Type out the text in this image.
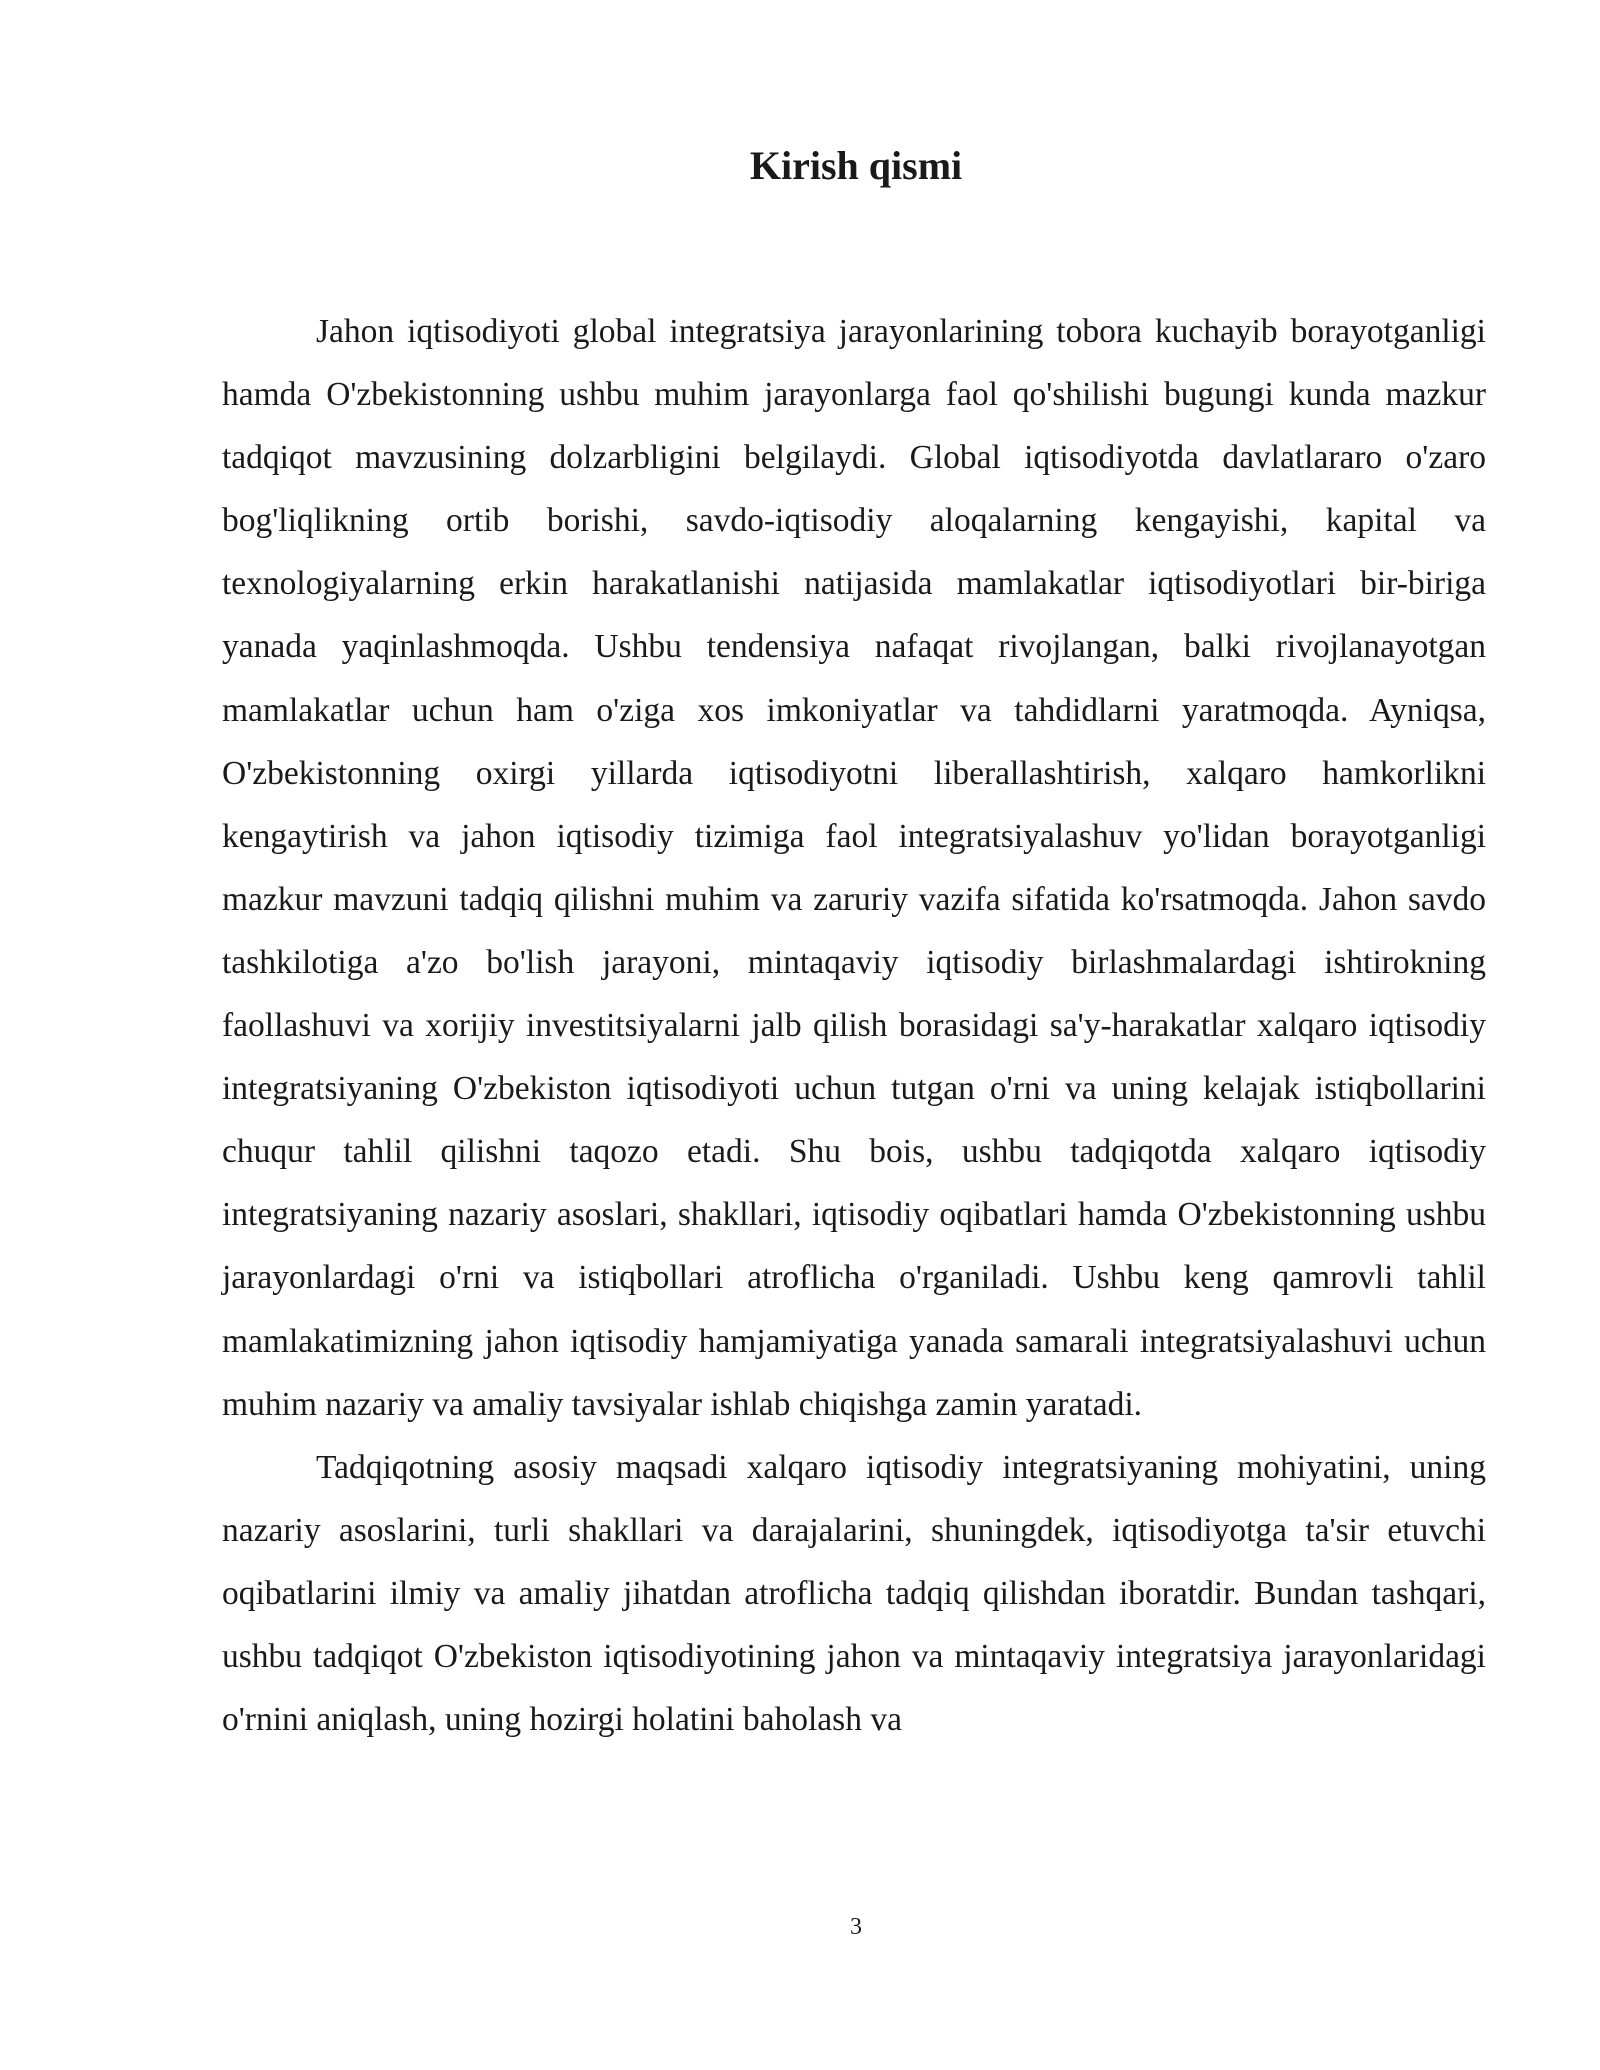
Kirish qismi

Jahon iqtisodiyoti global integratsiya jarayonlarining tobora kuchayib borayotganligi hamda O'zbekistonning ushbu muhim jarayonlarga faol qo'shilishi bugungi kunda mazkur tadqiqot mavzusining dolzarbligini belgilaydi. Global iqtisodiyotda davlatlararo o'zaro bog'liqlikning ortib borishi, savdo-iqtisodiy aloqalarning kengayishi, kapital va texnologiyalarning erkin harakatlanishi natijasida mamlakatlar iqtisodiyotlari bir-biriga yanada yaqinlashmoqda. Ushbu tendensiya nafaqat rivojlangan, balki rivojlanayotgan mamlakatlar uchun ham o'ziga xos imkoniyatlar va tahdidlarni yaratmoqda. Ayniqsa, O'zbekistonning oxirgi yillarda iqtisodiyotni liberallashtirish, xalqaro hamkorlikni kengaytirish va jahon iqtisodiy tizimiga faol integratsiyalashuv yo'lidan borayotganligi mazkur mavzuni tadqiq qilishni muhim va zaruriy vazifa sifatida ko'rsatmoqda. Jahon savdo tashkilotiga a'zo bo'lish jarayoni, mintaqaviy iqtisodiy birlashmalardagi ishtirokning faollashuvi va xorijiy investitsiyalarni jalb qilish borasidagi sa'y-harakatlar xalqaro iqtisodiy integratsiyaning O'zbekiston iqtisodiyoti uchun tutgan o'rni va uning kelajak istiqbollarini chuqur tahlil qilishni taqozo etadi. Shu bois, ushbu tadqiqotda xalqaro iqtisodiy integratsiyaning nazariy asoslari, shakllari, iqtisodiy oqibatlari hamda O'zbekistonning ushbu jarayonlardagi o'rni va istiqbollari atroflicha o'rganiladi. Ushbu keng qamrovli tahlil mamlakatimizning jahon iqtisodiy hamjamiyatiga yanada samarali integratsiyalashuvi uchun muhim nazariy va amaliy tavsiyalar ishlab chiqishga zamin yaratadi.

Tadqiqotning asosiy maqsadi xalqaro iqtisodiy integratsiyaning mohiyatini, uning nazariy asoslarini, turli shakllari va darajalarini, shuningdek, iqtisodiyotga ta'sir etuvchi oqibatlarini ilmiy va amaliy jihatdan atroflicha tadqiq qilishdan iboratdir. Bundan tashqari, ushbu tadqiqot O'zbekiston iqtisodiyotining jahon va mintaqaviy integratsiya jarayonlaridagi o'rnini aniqlash, uning hozirgi holatini baholash va

3
